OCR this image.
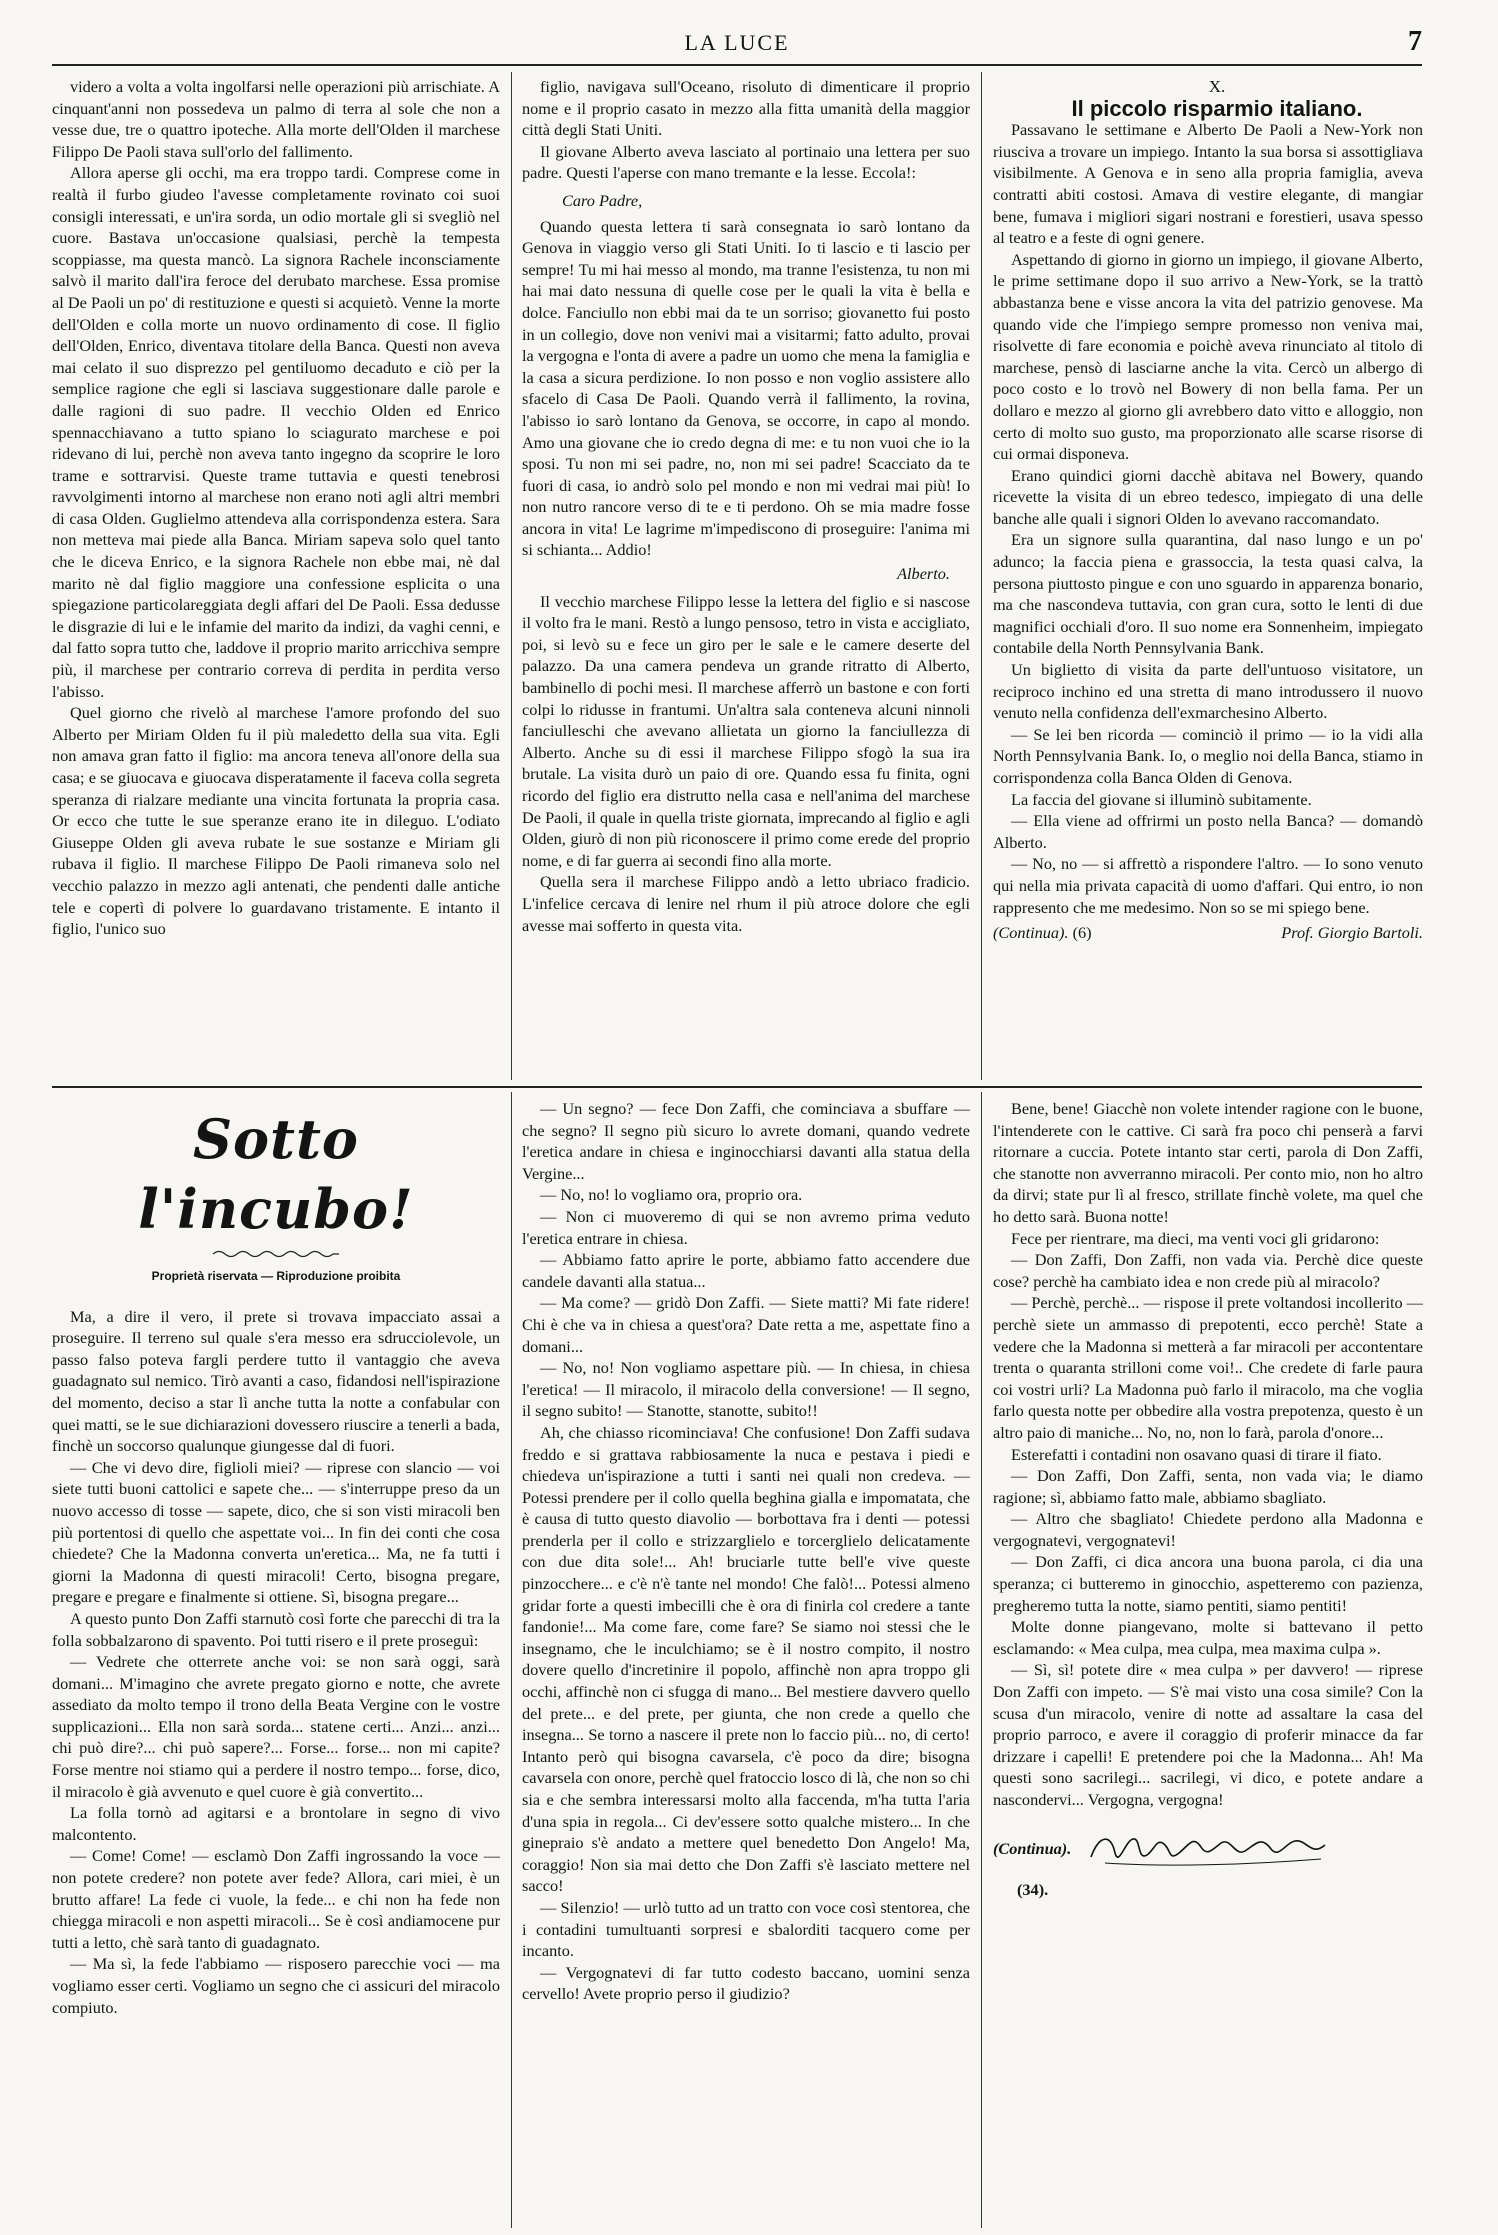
LA LUCE	7

videro a volta a volta ingolfarsi nelle operazioni più arrischiate. A cinquant'anni non possedeva un palmo di terra al sole che non a vesse due, tre o quattro ipoteche. Alla morte dell'Olden il marchese Filippo De Paoli stava sull'orlo del fallimento.

Allora aperse gli occhi, ma era troppo tardi. Comprese come in realtà il furbo giudeo l'avesse completamente rovinato coi suoi consigli interessati, e un'ira sorda, un odio mortale gli si svegliò nel cuore. Bastava un'occasione qualsiasi, perchè la tempesta scoppiasse, ma questa mancò. La signora Rachele inconsciamente salvò il marito dall'ira feroce del derubato marchese. Essa promise al De Paoli un po' di restituzione e questi si acquietò. Venne la morte dell'Olden e colla morte un nuovo ordinamento di cose. Il figlio dell'Olden, Enrico, diventava titolare della Banca. Questi non aveva mai celato il suo disprezzo pel gentiluomo decaduto e ciò per la semplice ragione che egli si lasciava suggestionare dalle parole e dalle ragioni di suo padre. Il vecchio Olden ed Enrico spennacchiavano a tutto spiano lo sciagurato marchese e poi ridevano di lui, perchè non aveva tanto ingegno da scoprire le loro trame e sottrarvisi. Queste trame tuttavia e questi tenebrosi ravvolgimenti intorno al marchese non erano noti agli altri membri di casa Olden. Guglielmo attendeva alla corrispondenza estera. Sara non metteva mai piede alla Banca. Miriam sapeva solo quel tanto che le diceva Enrico, e la signora Rachele non ebbe mai, nè dal marito nè dal figlio maggiore una confessione esplicita o una spiegazione particolareggiata degli affari del De Paoli. Essa dedusse le disgrazie di lui e le infamie del marito da indizi, da vaghi cenni, e dal fatto sopra tutto che, laddove il proprio marito arricchiva sempre più, il marchese per contrario correva di perdita in perdita verso l'abisso.

Quel giorno che rivelò al marchese l'amore profondo del suo Alberto per Miriam Olden fu il più maledetto della sua vita. Egli non amava gran fatto il figlio: ma ancora teneva all'onore della sua casa; e se giuocava e giuocava disperatamente il faceva colla segreta speranza di rialzare mediante una vincita fortunata la propria casa. Or ecco che tutte le sue speranze erano ite in dileguo. L'odiato Giuseppe Olden gli aveva rubate le sue sostanze e Miriam gli rubava il figlio. Il marchese Filippo De Paoli rimaneva solo nel vecchio palazzo in mezzo agli antenati, che pendenti dalle antiche tele e copertì di polvere lo guardavano tristamente. E intanto il figlio, l'unico suo

figlio, navigava sull'Oceano, risoluto di dimenticare il proprio nome e il proprio casato in mezzo alla fitta umanità della maggior città degli Stati Uniti.

Il giovane Alberto aveva lasciato al portinaio una lettera per suo padre. Questi l'aperse con mano tremante e la lesse. Eccola!:

Caro Padre,

Quando questa lettera ti sarà consegnata io sarò lontano da Genova in viaggio verso gli Stati Uniti. Io ti lascio e ti lascio per sempre! Tu mi hai messo al mondo, ma tranne l'esistenza, tu non mi hai mai dato nessuna di quelle cose per le quali la vita è bella e dolce. Fanciullo non ebbi mai da te un sorriso; giovanetto fui posto in un collegio, dove non venivi mai a visitarmi; fatto adulto, provai la vergogna e l'onta di avere a padre un uomo che mena la famiglia e la casa a sicura perdizione. Io non posso e non voglio assistere allo sfacelo di Casa De Paoli. Quando verrà il fallimento, la rovina, l'abisso io sarò lontano da Genova, se occorre, in capo al mondo. Amo una giovane che io credo degna di me: e tu non vuoi che io la sposi. Tu non mi sei padre, no, non mi sei padre! Scacciato da te fuori di casa, io andrò solo pel mondo e non mi vedrai mai più! Io non nutro rancore verso di te e ti perdono. Oh se mia madre fosse ancora in vita! Le lagrime m'impediscono di proseguire: l'anima mi si schianta... Addio!

Alberto.

Il vecchio marchese Filippo lesse la lettera del figlio e si nascose il volto fra le mani. Restò a lungo pensoso, tetro in vista e accigliato, poi, si levò su e fece un giro per le sale e le camere deserte del palazzo. Da una camera pendeva un grande ritratto di Alberto, bambinello di pochi mesi. Il marchese afferrò un bastone e con forti colpi lo ridusse in frantumi. Un'altra sala conteneva alcuni ninnoli fanciulleschi che avevano allietata un giorno la fanciullezza di Alberto. Anche su di essi il marchese Filippo sfogò la sua ira brutale. La visita durò un paio di ore. Quando essa fu finita, ogni ricordo del figlio era distrutto nella casa e nell'anima del marchese De Paoli, il quale in quella triste giornata, imprecando al figlio e agli Olden, giurò di non più riconoscere il primo come erede del proprio nome, e di far guerra ai secondi fino alla morte.

Quella sera il marchese Filippo andò a letto ubriaco fradicio. L'infelice cercava di lenire nel rhum il più atroce dolore che egli avesse mai sofferto in questa vita.

X.

Il piccolo risparmio italiano.

Passavano le settimane e Alberto De Paoli a New-York non riusciva a trovare un impiego. Intanto la sua borsa si assottigliava visibilmente. A Genova e in seno alla propria famiglia, aveva contratti abiti costosi. Amava di vestire elegante, di mangiar bene, fumava i migliori sigari nostrani e forestieri, usava spesso al teatro e a feste di ogni genere.

Aspettando di giorno in giorno un impiego, il giovane Alberto, le prime settimane dopo il suo arrivo a New-York, se la trattò abbastanza bene e visse ancora la vita del patrizio genovese. Ma quando vide che l'impiego sempre promesso non veniva mai, risolvette di fare economia e poichè aveva rinunciato al titolo di marchese, pensò di lasciarne anche la vita. Cercò un albergo di poco costo e lo trovò nel Bowery di non bella fama. Per un dollaro e mezzo al giorno gli avrebbero dato vitto e alloggio, non certo di molto suo gusto, ma proporzionato alle scarse risorse di cui ormai disponeva.

Erano quindici giorni dacchè abitava nel Bowery, quando ricevette la visita di un ebreo tedesco, impiegato di una delle banche alle quali i signori Olden lo avevano raccomandato.

Era un signore sulla quarantina, dal naso lungo e un po' adunco; la faccia piena e grassoccia, la testa quasi calva, la persona piuttosto pingue e con uno sguardo in apparenza bonario, ma che nascondeva tuttavia, con gran cura, sotto le lenti di due magnifici occhiali d'oro. Il suo nome era Sonnenheim, impiegato contabile della North Pennsylvania Bank.

Un biglietto di visita da parte dell'untuoso visitatore, un reciproco inchino ed una stretta di mano introdussero il nuovo venuto nella confidenza dell'exmarchesino Alberto.

— Se lei ben ricorda — cominciò il primo — io la vidi alla North Pennsylvania Bank. Io, o meglio noi della Banca, stiamo in corrispondenza colla Banca Olden di Genova.

La faccia del giovane si illuminò subitamente.

— Ella viene ad offrirmi un posto nella Banca? — domandò Alberto.

— No, no — si affrettò a rispondere l'altro. — Io sono venuto qui nella mia privata capacità di uomo d'affari. Qui entro, io non rappresento che me medesimo. Non so se mi spiego bene.

(Continua). (6)	Prof. Giorgio Bartoli.
Sotto l'incubo!
Proprietà riservata — Riproduzione proibita

Ma, a dire il vero, il prete si trovava impacciato assai a proseguire. Il terreno sul quale s'era messo era sdrucciolevole, un passo falso poteva fargli perdere tutto il vantaggio che aveva guadagnato sul nemico. Tirò avanti a caso, fidandosi nell'ispirazione del momento, deciso a star lì anche tutta la notte a confabular con quei matti, se le sue dichiarazioni dovessero riuscire a tenerli a bada, finchè un soccorso qualunque giungesse dal di fuori.

— Che vi devo dire, figlioli miei? — riprese con slancio — voi siete tutti buoni cattolici e sapete che... — s'interruppe preso da un nuovo accesso di tosse — sapete, dico, che si son visti miracoli ben più portentosi di quello che aspettate voi... In fin dei conti che cosa chiedete? Che la Madonna converta un'eretica... Ma, ne fa tutti i giorni la Madonna di questi miracoli! Certo, bisogna pregare, pregare e pregare e finalmente si ottiene. Sì, bisogna pregare...

A questo punto Don Zaffi starnutò così forte che parecchi di tra la folla sobbalzarono di spavento. Poi tutti risero e il prete proseguì:

— Vedrete che otterrete anche voi: se non sarà oggi, sarà domani... M'imagino che avrete pregato giorno e notte, che avrete assediato da molto tempo il trono della Beata Vergine con le vostre supplicazioni... Ella non sarà sorda... statene certi... Anzi... anzi... chi può dire?... chi può sapere?... Forse... forse... non mi capite? Forse mentre noi stiamo qui a perdere il nostro tempo... forse, dico, il miracolo è già avvenuto e quel cuore è già convertito...

La folla tornò ad agitarsi e a brontolare in segno di vivo malcontento.

— Come! Come! — esclamò Don Zaffi ingrossando la voce — non potete credere? non potete aver fede? Allora, cari miei, è un brutto affare! La fede ci vuole, la fede... e chi non ha fede non chiegga miracoli e non aspetti miracoli... Se è così andiamocene pur tutti a letto, chè sarà tanto di guadagnato.

— Ma sì, la fede l'abbiamo — risposero parecchie voci — ma vogliamo esser certi. Vogliamo un segno che ci assicuri del miracolo compiuto.

— Un segno? — fece Don Zaffi, che cominciava a sbuffare — che segno? Il segno più sicuro lo avrete domani, quando vedrete l'eretica andare in chiesa e inginocchiarsi davanti alla statua della Vergine...

— No, no! lo vogliamo ora, proprio ora.

— Non ci muoveremo di qui se non avremo prima veduto l'eretica entrare in chiesa.

— Abbiamo fatto aprire le porte, abbiamo fatto accendere due candele davanti alla statua...

— Ma come? — gridò Don Zaffi. — Siete matti? Mi fate ridere! Chi è che va in chiesa a quest'ora? Date retta a me, aspettate fino a domani...

— No, no! Non vogliamo aspettare più. — In chiesa, in chiesa l'eretica! — Il miracolo, il miracolo della conversione! — Il segno, il segno subito! — Stanotte, stanotte, subito!!

Ah, che chiasso ricominciava! Che confusione! Don Zaffi sudava freddo e si grattava rabbiosamente la nuca e pestava i piedi e chiedeva un'ispirazione a tutti i santi nei quali non credeva. — Potessi prendere per il collo quella beghina gialla e impomatata, che è causa di tutto questo diavolio — borbottava fra i denti — potessi prenderla per il collo e strizzarglielo e torcerglielo delicatamente con due dita sole!... Ah! bruciarle tutte bell'e vive queste pinzocchere... e c'è n'è tante nel mondo! Che falò!... Potessi almeno gridar forte a questi imbecilli che è ora di finirla col credere a tante fandonie!... Ma come fare, come fare? Se siamo noi stessi che le insegnamo, che le inculchiamo; se è il nostro compito, il nostro dovere quello d'incretinire il popolo, affinchè non apra troppo gli occhi, affinchè non ci sfugga di mano... Bel mestiere davvero quello del prete... e del prete, per giunta, che non crede a quello che insegna... Se torno a nascere il prete non lo faccio più... no, di certo! Intanto però qui bisogna cavarsela, c'è poco da dire; bisogna cavarsela con onore, perchè quel fratoccio losco di là, che non so chi sia e che sembra interessarsi molto alla faccenda, m'ha tutta l'aria d'una spia in regola... Ci dev'essere sotto qualche mistero... In che ginepraio s'è andato a mettere quel benedetto Don Angelo! Ma, coraggio! Non sia mai detto che Don Zaffi s'è lasciato mettere nel sacco!

— Silenzio! — urlò tutto ad un tratto con voce così stentorea, che i contadini tumultuanti sorpresi e sbalorditi tacquero come per incanto.

— Vergognatevi di far tutto codesto baccano, uomini senza cervello! Avete proprio perso il giudizio?

Bene, bene! Giacchè non volete intender ragione con le buone, l'intenderete con le cattive. Ci sarà fra poco chi penserà a farvi ritornare a cuccia. Potete intanto star certi, parola di Don Zaffi, che stanotte non avverranno miracoli. Per conto mio, non ho altro da dirvi; state pur lì al fresco, strillate finchè volete, ma quel che ho detto sarà. Buona notte!

Fece per rientrare, ma dieci, ma venti voci gli gridarono:

— Don Zaffi, Don Zaffi, non vada via. Perchè dice queste cose? perchè ha cambiato idea e non crede più al miracolo?

— Perchè, perchè... — rispose il prete voltandosi incollerito — perchè siete un ammasso di prepotenti, ecco perchè! State a vedere che la Madonna si metterà a far miracoli per accontentare trenta o quaranta strilloni come voi!.. Che credete di farle paura coi vostri urli? La Madonna può farlo il miracolo, ma che voglia farlo questa notte per obbedire alla vostra prepotenza, questo è un altro paio di maniche... No, no, non lo farà, parola d'onore...

Esterefatti i contadini non osavano quasi di tirare il fiato.

— Don Zaffi, Don Zaffi, senta, non vada via; le diamo ragione; sì, abbiamo fatto male, abbiamo sbagliato.

— Altro che sbagliato! Chiedete perdono alla Madonna e vergognatevi, vergognatevi!

— Don Zaffi, ci dica ancora una buona parola, ci dia una speranza; ci butteremo in ginocchio, aspetteremo con pazienza, pregheremo tutta la notte, siamo pentiti, siamo pentiti!

Molte donne piangevano, molte si battevano il petto esclamando: « Mea culpa, mea culpa, mea maxima culpa ».

— Sì, sì! potete dire « mea culpa » per davvero! — riprese Don Zaffi con impeto. — S'è mai visto una cosa simile? Con la scusa d'un miracolo, venire di notte ad assaltare la casa del proprio parroco, e avere il coraggio di proferir minacce da far drizzare i capelli! E pretendere poi che la Madonna... Ah! Ma questi sono sacrilegi... sacrilegi, vi dico, e potete andare a nascondervi... Vergogna, vergogna!

(Continua).
(34).
